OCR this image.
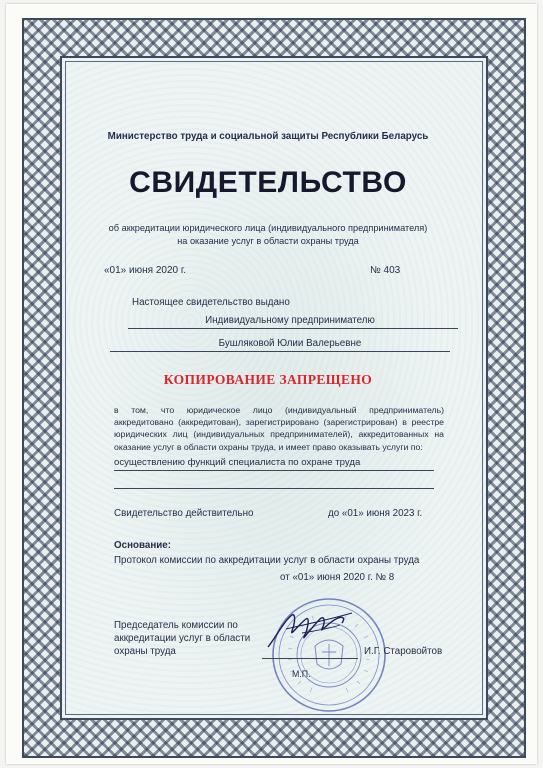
Министерство труда и социальной защиты Республики Беларусь
СВИДЕТЕЛЬСТВО
об аккредитации юридического лица (индивидуального предпринимателя)
на оказание услуг в области охраны труда
«01» июня 2020 г.	№ 403
Настоящее свидетельство выдано
Индивидуальному предпринимателю
Бушляковой Юлии Валерьевне
КОПИРОВАНИЕ ЗАПРЕЩЕНО
в том, что юридическое лицо (индивидуальный предприниматель) аккредитовано (аккредитован), зарегистрировано (зарегистрирован) в реестре юридических лиц (индивидуальных предпринимателей), аккредитованных на оказание услуг в области охраны труда, и имеет право оказывать услуги по:
осуществлению функций специалиста по охране труда
Свидетельство действительно	до «01» июня 2023 г.
Основание:
Протокол комиссии по аккредитации услуг в области охраны труда
от «01» июня 2020 г. № 8
Председатель комиссии по аккредитации услуг в области охраны труда	И.Г. Старовойтов
М.П.
